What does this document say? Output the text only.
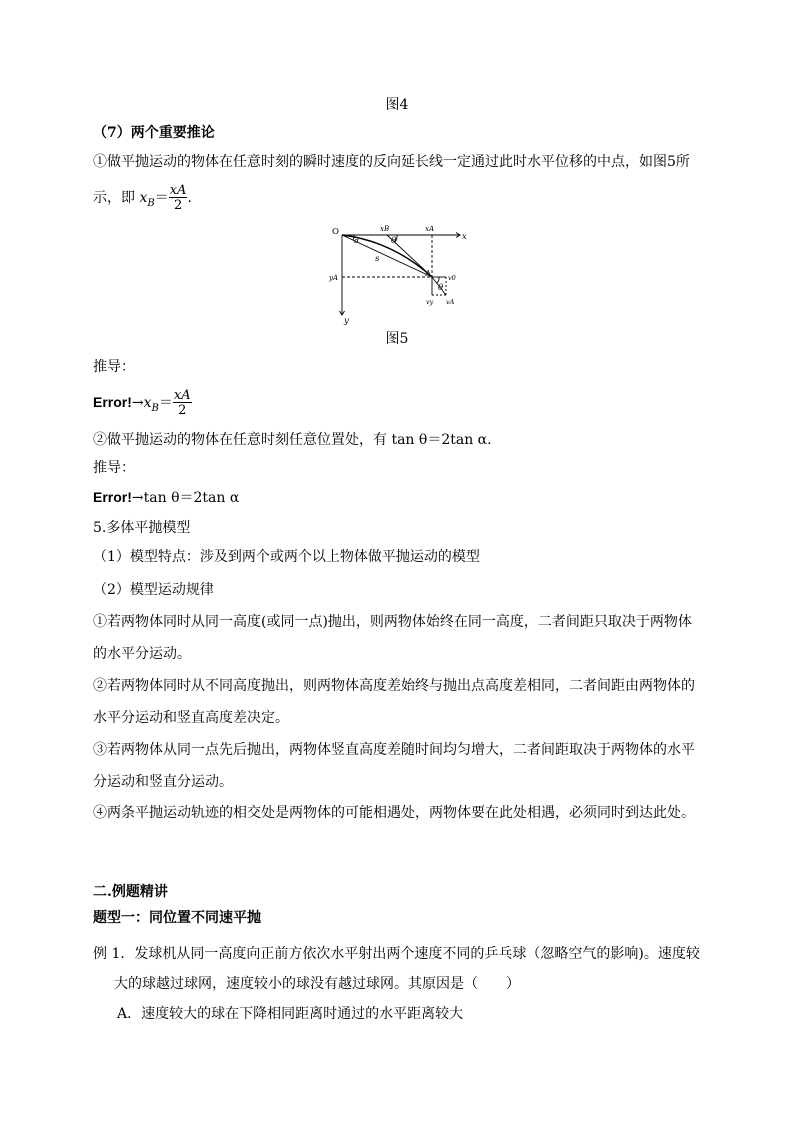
图4
（7）两个重要推论
①做平抛运动的物体在任意时刻的瞬时速度的反向延长线一定通过此时水平位移的中点，如图5所
示，即 $x_B= \frac{xA}{2}$ .
O	x
y
xB	xA
yA
θ
θ
α
s
A	v0
vy vA
图5
推导：
$Error!\to x_B= \frac{xA}{2}$
②做平抛运动的物体在任意时刻任意位置处，有 tan θ＝2tan α.
推导：
Error!→tan θ＝2tan α
5.多体平抛模型
（1）模型特点：涉及到两个或两个以上物体做平抛运动的模型
（2）模型运动规律
①若两物体同时从同一高度(或同一点)抛出，则两物体始终在同一高度，二者间距只取决于两物体
的水平分运动。
②若两物体同时从不同高度抛出，则两物体高度差始终与抛出点高度差相同，二者间距由两物体的
水平分运动和竖直高度差决定。
③若两物体从同一点先后抛出，两物体竖直高度差随时间均匀增大，二者间距取决于两物体的水平
分运动和竖直分运动。
④两条平抛运动轨迹的相交处是两物体的可能相遇处，两物体要在此处相遇，必须同时到达此处。
二.例题精讲
题型一：同位置不同速平抛
例 1．发球机从同一高度向正前方依次水平射出两个速度不同的乒乓球（忽略空气的影响)。速度较
大的球越过球网，速度较小的球没有越过球网。其原因是（　　）
A．速度较大的球在下降相同距离时通过的水平距离较大
